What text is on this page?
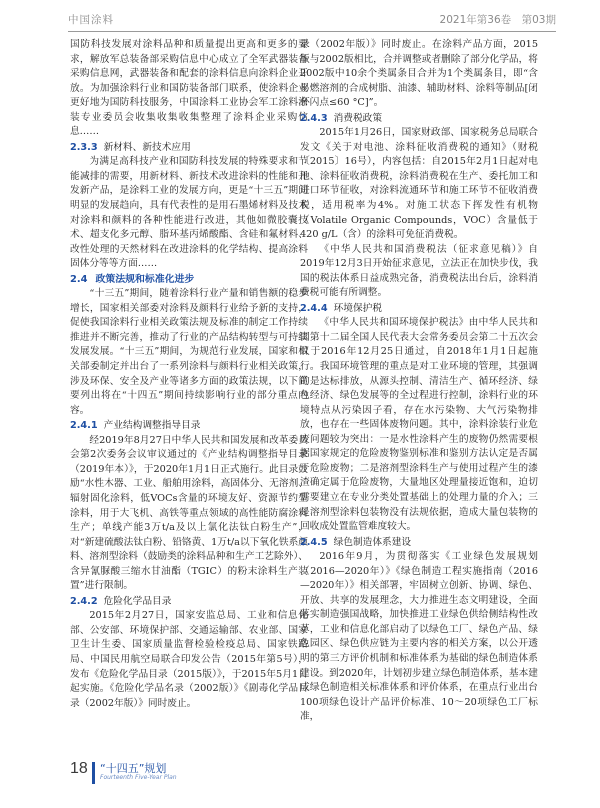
中国涂料	2021年第36卷　第03期

国防科技发展对涂料品种和质量提出更高和更多的要求，解放军总装备部采购信息中心成立了全军武器装备采购信息网，武器装备和配套的涂料信息向涂料企业开放。为加强涂料行业和国防装备部门联系，使涂料企业更好地为国防科技服务，中国涂料工业协会军工涂料涂装专业委员会收集收集收集整理了涂料企业采购信息……

2.3.3 新材料、新技术应用

为满足高科技产业和国防科技发展的特殊要求和节能减排的需要，用新材料、新技术改进涂料的性能和开发新产品，是涂料工业的发展方向，更是“十三五”期间明显的发展趋向，具有代表性的是用石墨烯材料及技术对涂料和颜料的各种性能进行改进，其他如微胶囊技术、超支化多元醇、脂环基丙烯酸酯、含硅和氟材料、改性处理的天然材料在改进涂料的化学结构、提高涂料固体分等等方面……

2.4 政策法规和标准化进步

“十三五”期间，随着涂料行业产量和销售额的稳步增长，国家相关部委对涂料及颜料行业给予新的支持，促使我国涂料行业相关政策法规及标准的制定工作持续推进并不断完善，推动了行业的产品结构转型与可持续发展发展。“十三五”期间，为规范行业发展，国家和相关部委制定并出台了一系列涂料与颜料行业相关政策，涉及环保、安全及产业等诸多方面的政策法规，以下简要列出将在“十四五”期间持续影响行业的部分重点内容。

2.4.1 产业结构调整指导目录

经2019年8月27日中华人民共和国发展和改革委员会第2次委务会议审议通过的《产业结构调整指导目录（2019年本）》，于2020年1月1日正式施行。此目录鼓励“水性木器、工业、船舶用涂料，高固体分、无溶剂、辐射固化涂料，低VOCs含量的环境友好、资源节约型涂料，用于大飞机、高铁等重点领域的高性能防腐涂料生产；单线产能3万t/a及以上氯化法钛白粉生产”，对“新建硫酸法钛白粉、铅铬黄、1万t/a以下氧化铁系颜料、溶剂型涂料（鼓励类的涂料品种和生产工艺除外）、含异氰脲酸三缩水甘油酯（TGIC）的粉末涂料生产装置”进行限制。

2.4.2 危险化学品目录

2015年2月27日，国家安监总局、工业和信息化部、公安部、环境保护部、交通运输部、农业部、国家卫生计生委、国家质量监督检验检疫总局、国家铁路局、中国民用航空局联合印发公告（2015年第5号），发布《危险化学品目录（2015版）》，于2015年5月1日起实施。《危险化学品名录（2002版）》《剧毒化学品目录（2002年版）》同时废止。

录（2002年版）》同时废止。在涂料产品方面，2015版与2002版相比，合并调整或者删除了部分化学品，将2002版中10余个类属条目合并为1个类属条目，即“含易燃溶剂的合成树脂、油漆、辅助材料、涂料等制品[闭杯闪点≤60 °C]”。

2.4.3 消费税政策

2015年1月26日，国家财政部、国家税务总局联合发文《关于对电池、涂料征收消费税的通知》（财税〔2015〕16号），内容包括：自2015年2月1日起对电池、涂料征收消费税，涂料消费税在生产、委托加工和进口环节征收，对涂料流通环节和施工环节不征收消费税，适用税率为4%。对施工状态下挥发性有机物（Volatile Organic Compounds，VOC）含量低于420 g/L（含）的涂料可免征消费税。

《中华人民共和国消费税法（征求意见稿）》自2019年12月3日开始征求意见，立法正在加快步伐，我国的税法体系日益成熟完备，消费税法出台后，涂料消费税可能有所调整。

2.4.4 环境保护税

《中华人民共和国环境保护税法》由中华人民共和国第十二届全国人民代表大会常务委员会第二十五次会议于2016年12月25日通过，自2018年1月1日起施行。我国环境管理的重点是对工业环境的管理，其强调的是达标排放，从源头控制、清洁生产、循环经济、绿色经济、绿色发展等的全过程进行控制，涂料行业的环境特点从污染因子看，存在水污染物、大气污染物排放，也存在一些固体废物问题。其中，涂料涂装行业危废问题较为突出：一是水性涂料产生的废物仍然需要根据国家规定的危险废物鉴别标准和鉴别方法认定是否属于危险废物；二是溶剂型涂料生产与使用过程产生的漆渣确定属于危险废物，大量地区处理量接近饱和，迫切需要建立在专业分类处置基础上的处理力量的介入；三是溶剂型涂料包装物没有法规依据，造成大量包装物的回收成处置监管难度较大。

2.4.5 绿色制造体系建设

2016年9月，为贯彻落实《工业绿色发展规划（2016—2020年）》《绿色制造工程实施指南（2016—2020年）》相关部署，牢固树立创新、协调、绿色、开放、共享的发展理念，大力推进生态文明建设，全面落实制造强国战略，加快推进工业绿色供给侧结构性改革，工业和信息化部启动了以绿色工厂、绿色产品、绿色园区、绿色供应链为主要内容的相关方案，以公开透明的第三方评价机制和标准体系为基础的绿色制造体系建设。到2020年，计划初步建立绿色制造体系，基本建成绿色制造相关标准体系和评价体系，在重点行业出台100项绿色设计产品评价标准、10～20项绿色工厂标准，

18 “十四五”规划
Fourteenth Five-Year Plan
